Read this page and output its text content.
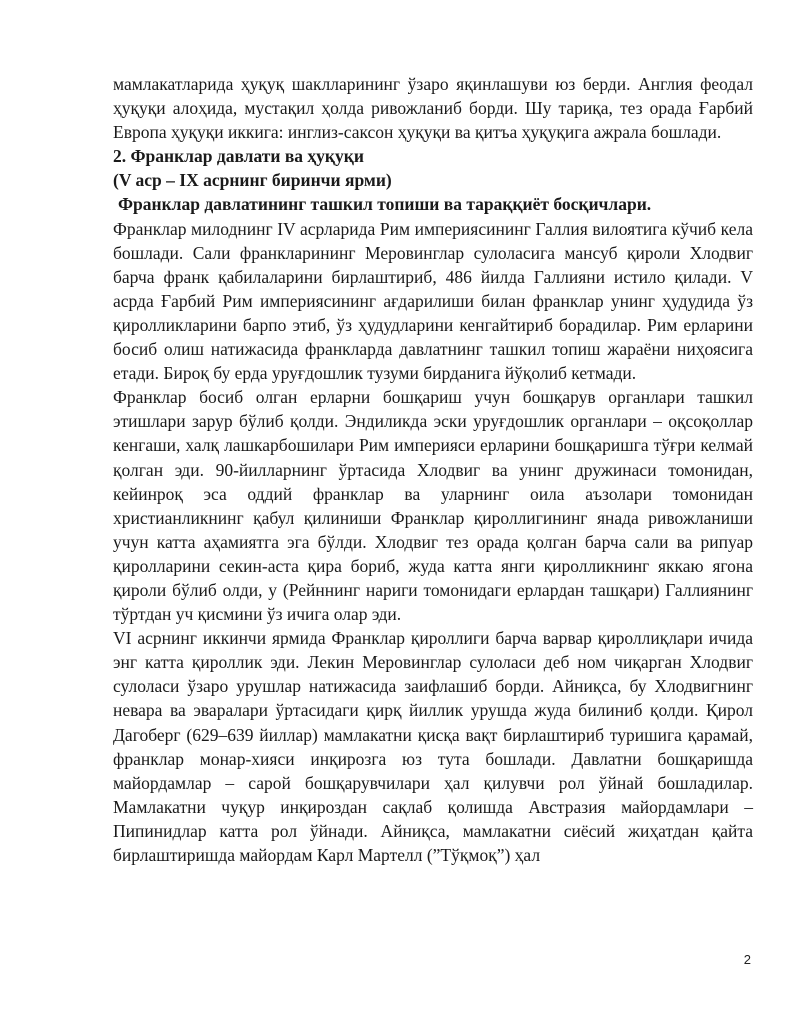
мамлакатларида ҳуқуқ шаклларининг ўзаро яқинлашуви юз берди. Англия феодал ҳуқуқи алоҳида, мустақил ҳолда ривожланиб борди. Шу тариқа, тез орада Ғарбий Европа ҳуқуқи иккига: инглиз-саксон ҳуқуқи ва қитъа ҳуқуқига ажрала бошлади.

2. Франклар давлати ва ҳуқуқи

(V аср – IX асрнинг биринчи ярми)

Франклар давлатининг ташкил топиши ва тараққиёт босқичлари.

Франклар милоднинг IV асрларида Рим империясининг Галлия вилоятига кўчиб кела бошлади. Сали франкларининг Меровинглар сулоласига мансуб қироли Хлодвиг барча франк қабилаларини бирлаштириб, 486 йилда Галлияни истило қилади. V асрда Ғарбий Рим империясининг ағдарилиши билан франклар унинг ҳудудида ўз қиролликларини барпо этиб, ўз ҳудудларини кенгайтириб борадилар. Рим ерларини босиб олиш натижасида франкларда давлатнинг ташкил топиш жараёни ниҳоясига етади. Бироқ бу ерда уруғдошлик тузуми бирданига йўқолиб кетмади.

Франклар босиб олган ерларни бошқариш учун бошқарув органлари ташкил этишлари зарур бўлиб қолди. Эндиликда эски уруғдошлик органлари – оқсоқоллар кенгаши, халқ лашкарбошилари Рим империяси ерларини бошқаришга тўғри келмай қолган эди. 90-йилларнинг ўртасида Хлодвиг ва унинг дружинаси томонидан, кейинроқ эса оддий франклар ва уларнинг оила аъзолари томонидан христианликнинг қабул қилиниши Франклар қироллигининг янада ривожланиши учун катта аҳамиятга эга бўлди. Хлодвиг тез орада қолган барча сали ва рипуар қиролларини секин-аста қира бориб, жуда катта янги қиролликнинг яккаю ягона қироли бўлиб олди, у (Рейннинг нариги томонидаги ерлардан ташқари) Галлиянинг тўртдан уч қисмини ўз ичига олар эди.

VI асрнинг иккинчи ярмида Франклар қироллиги барча варвар қироллиқлари ичида энг катта қироллик эди. Лекин Меровинглар сулоласи деб ном чиқарган Хлодвиг сулоласи ўзаро урушлар натижасида заифлашиб борди. Айниқса, бу Хлодвигнинг невара ва эваралари ўртасидаги қирқ йиллик урушда жуда билиниб қолди. Қирол Дагоберг (629–639 йиллар) мамлакатни қисқа вақт бирлаштириб туришига қарамай, франклар монар-хияси инқирозга юз тута бошлади. Давлатни бошқаришда майордамлар – сарой бошқарувчилари ҳал қилувчи рол ўйнай бошладилар. Мамлакатни чуқур инқироздан сақлаб қолишда Австразия майордамлари – Пипинидлар катта рол ўйнади. Айниқса, мамлакатни сиёсий жиҳатдан қайта бирлаштиришда майордам Карл Мартелл (”Тўқмоқ”) ҳал

2
